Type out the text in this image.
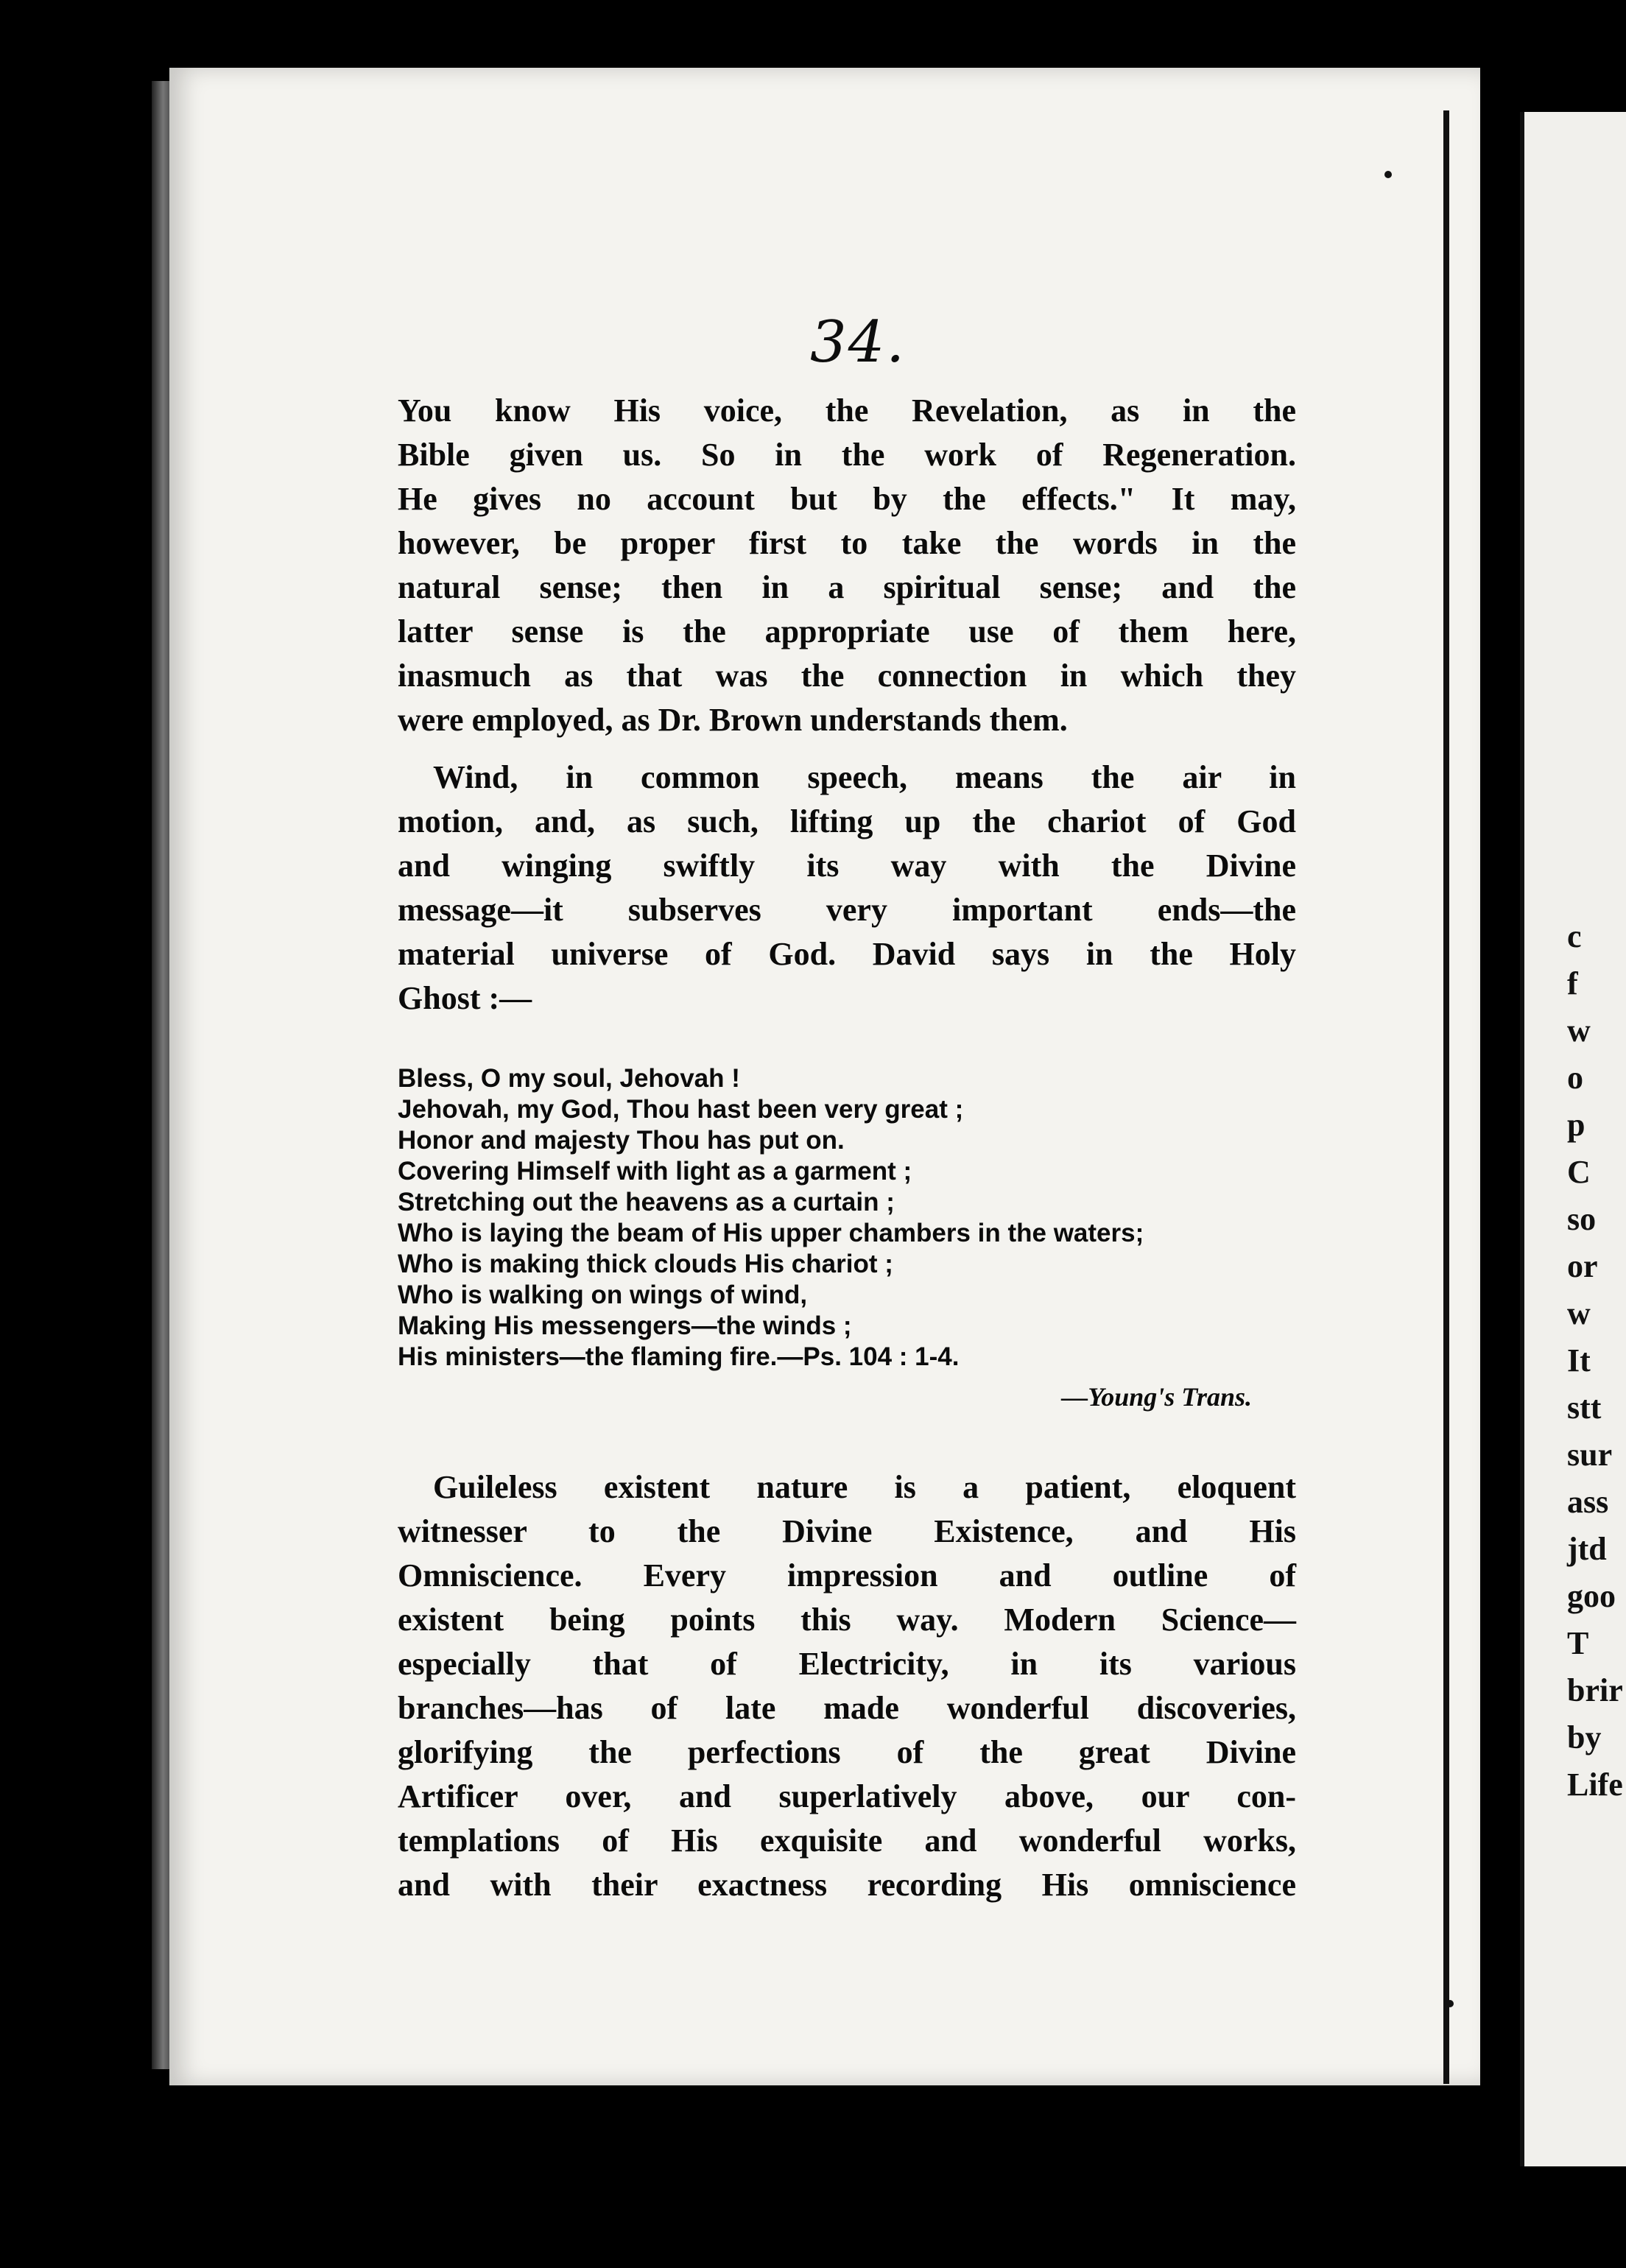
34.
You know His voice, the Revelation, as in the
Bible given us. So in the work of Regeneration.
He gives no account but by the effects." It may,
however, be proper first to take the words in the
natural sense; then in a spiritual sense; and the
latter sense is the appropriate use of them here,
inasmuch as that was the connection in which they
were employed, as Dr. Brown understands them.
Wind, in common speech, means the air in
motion, and, as such, lifting up the chariot of God
and winging swiftly its way with the Divine
message—it subserves very important ends—the
material universe of God. David says in the Holy
Ghost :—
Bless, O my soul, Jehovah !
Jehovah, my God, Thou hast been very great ;
Honor and majesty Thou has put on.
Covering Himself with light as a garment ;
Stretching out the heavens as a curtain ;
Who is laying the beam of His upper chambers in the waters;
Who is making thick clouds His chariot ;
Who is walking on wings of wind,
Making His messengers—the winds ;
His ministers—the flaming fire.—Ps. 104 : 1-4.
—Young's Trans.
Guileless existent nature is a patient, eloquent
witnesser to the Divine Existence, and His
Omniscience. Every impression and outline of
existent being points this way. Modern Science—
especially that of Electricity, in its various
branches—has of late made wonderful discoveries,
glorifying the perfections of the great Divine
Artificer over, and superlatively above, our con-
templations of His exquisite and wonderful works,
and with their exactness recording His omniscience
c
f
w
o
p
C
so
or
w
It
stt
sur
ass
jtd
goo
T
brir
by
Life
